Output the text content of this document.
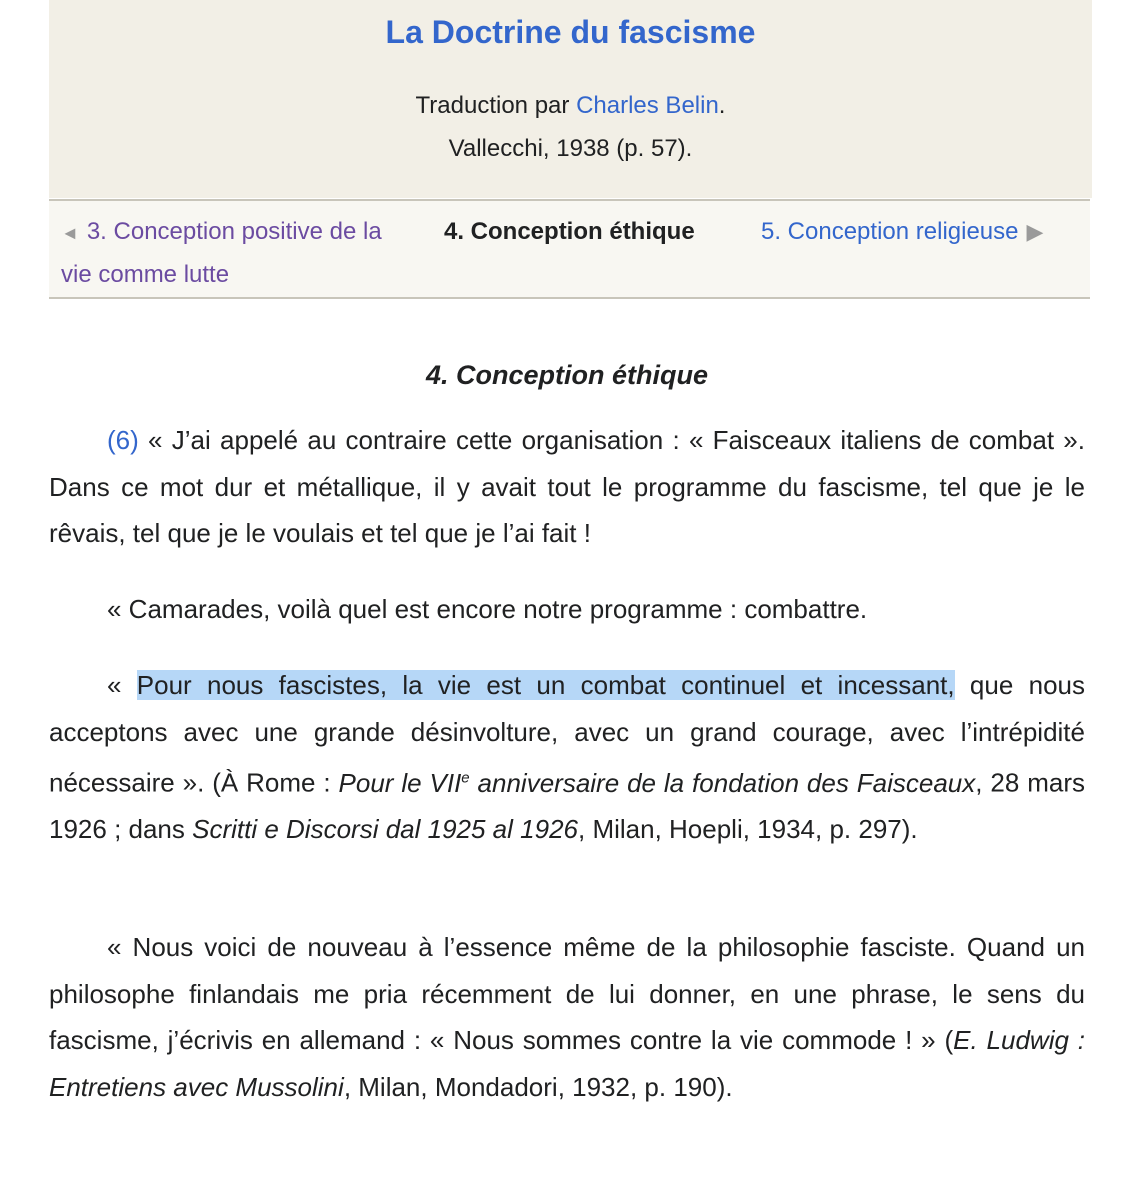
La Doctrine du fascisme
Traduction par Charles Belin.
Vallecchi, 1938 (p. 57).
◄ 3. Conception positive de la vie comme lutte
4. Conception éthique	5. Conception religieuse ▶
4. Conception éthique

(6) « J’ai appelé au contraire cette organisation : « Faisceaux italiens de combat ». Dans ce mot dur et métallique, il y avait tout le programme du fascisme, tel que je le rêvais, tel que je le voulais et tel que je l’ai fait !

« Camarades, voilà quel est encore notre programme : combattre.

« Pour nous fascistes, la vie est un combat continuel et incessant, que nous acceptons avec une grande désinvolture, avec un grand courage, avec l’intrépidité nécessaire ». (À Rome : Pour le VIIe anniversaire de la fondation des Faisceaux, 28 mars 1926 ; dans Scritti e Discorsi dal 1925 al 1926, Milan, Hoepli, 1934, p. 297).

« Nous voici de nouveau à l’essence même de la philosophie fasciste. Quand un philosophe finlandais me pria récemment de lui donner, en une phrase, le sens du fascisme, j’écrivis en allemand : « Nous sommes contre la vie commode ! » (E. Ludwig : Entretiens avec Mussolini, Milan, Mondadori, 1932, p. 190).
